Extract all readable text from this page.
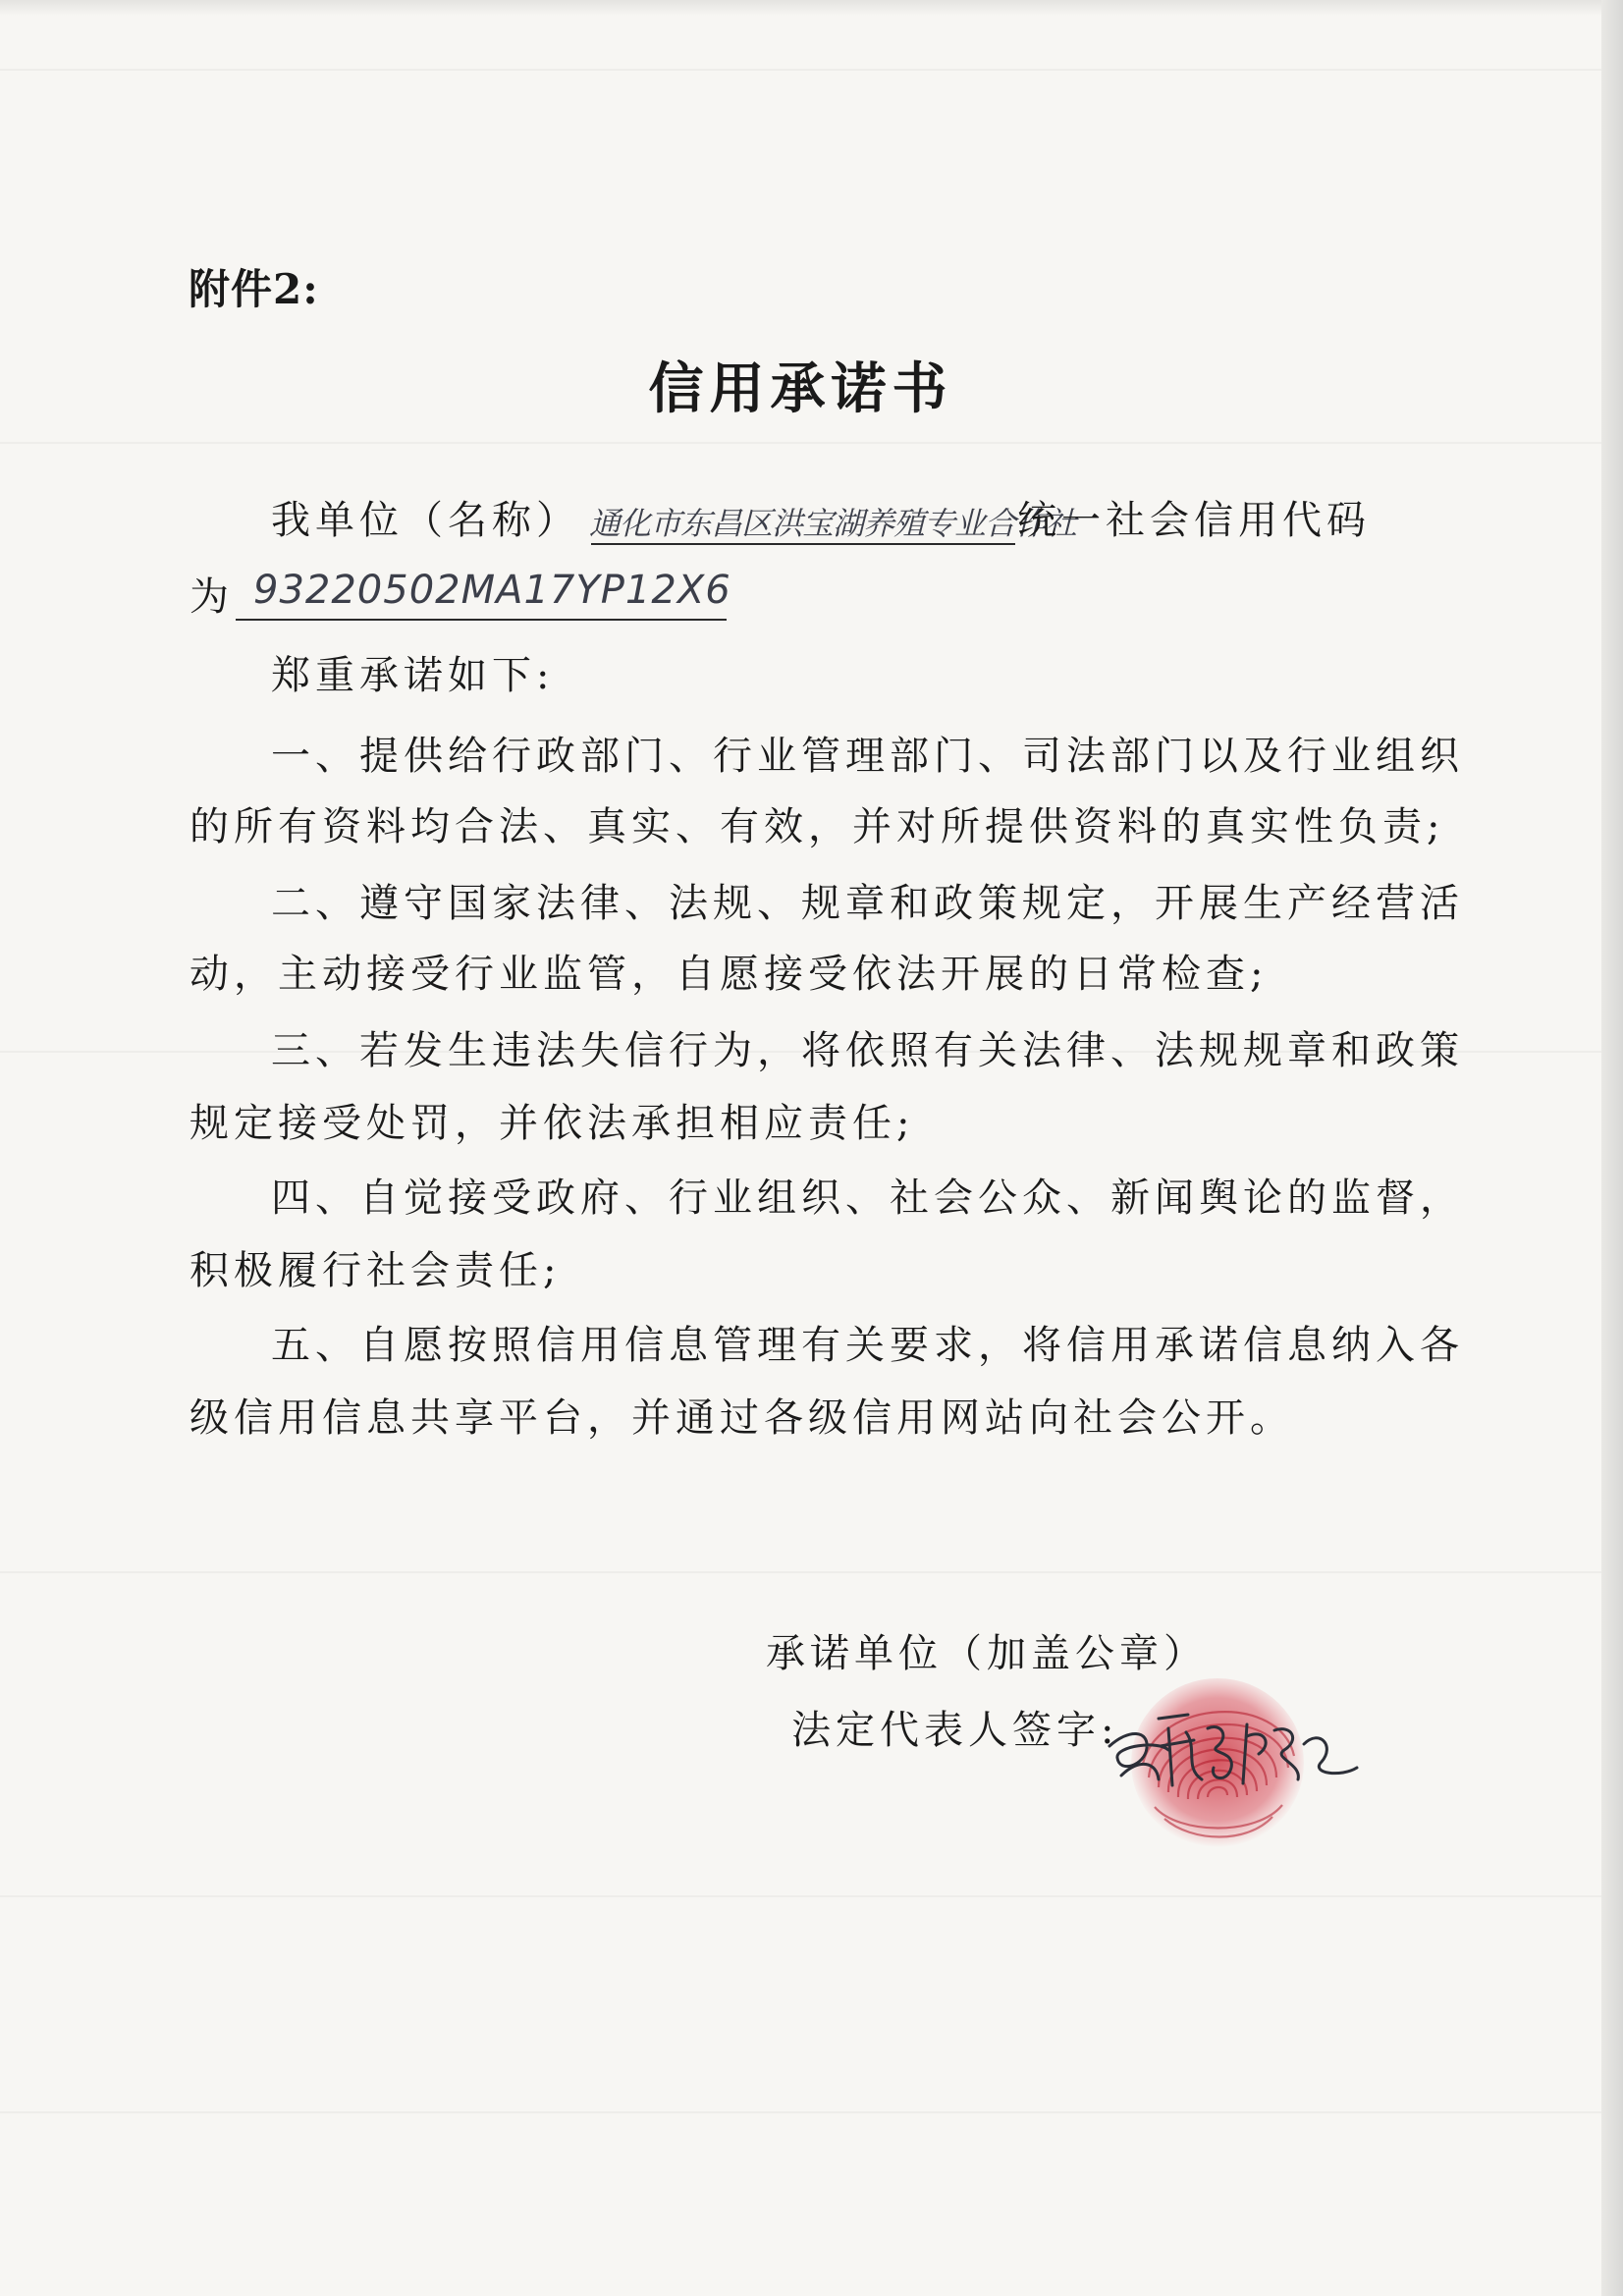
附件2:
信用承诺书
我单位（名称） 通化市东昌区洪宝湖养殖专业合作社
统一社会信用代码
为 93220502MA17YP12X6
郑重承诺如下:
一、提供给行政部门、行业管理部门、司法部门以及行业组织
的所有资料均合法、真实、有效，并对所提供资料的真实性负责;
二、遵守国家法律、法规、规章和政策规定，开展生产经营活
动，主动接受行业监管，自愿接受依法开展的日常检查;
三、若发生违法失信行为，将依照有关法律、法规规章和政策
规定接受处罚，并依法承担相应责任;
四、自觉接受政府、行业组织、社会公众、新闻舆论的监督，
积极履行社会责任;
五、自愿按照信用信息管理有关要求，将信用承诺信息纳入各
级信用信息共享平台，并通过各级信用网站向社会公开。
承诺单位（加盖公章）
法定代表人签字:
